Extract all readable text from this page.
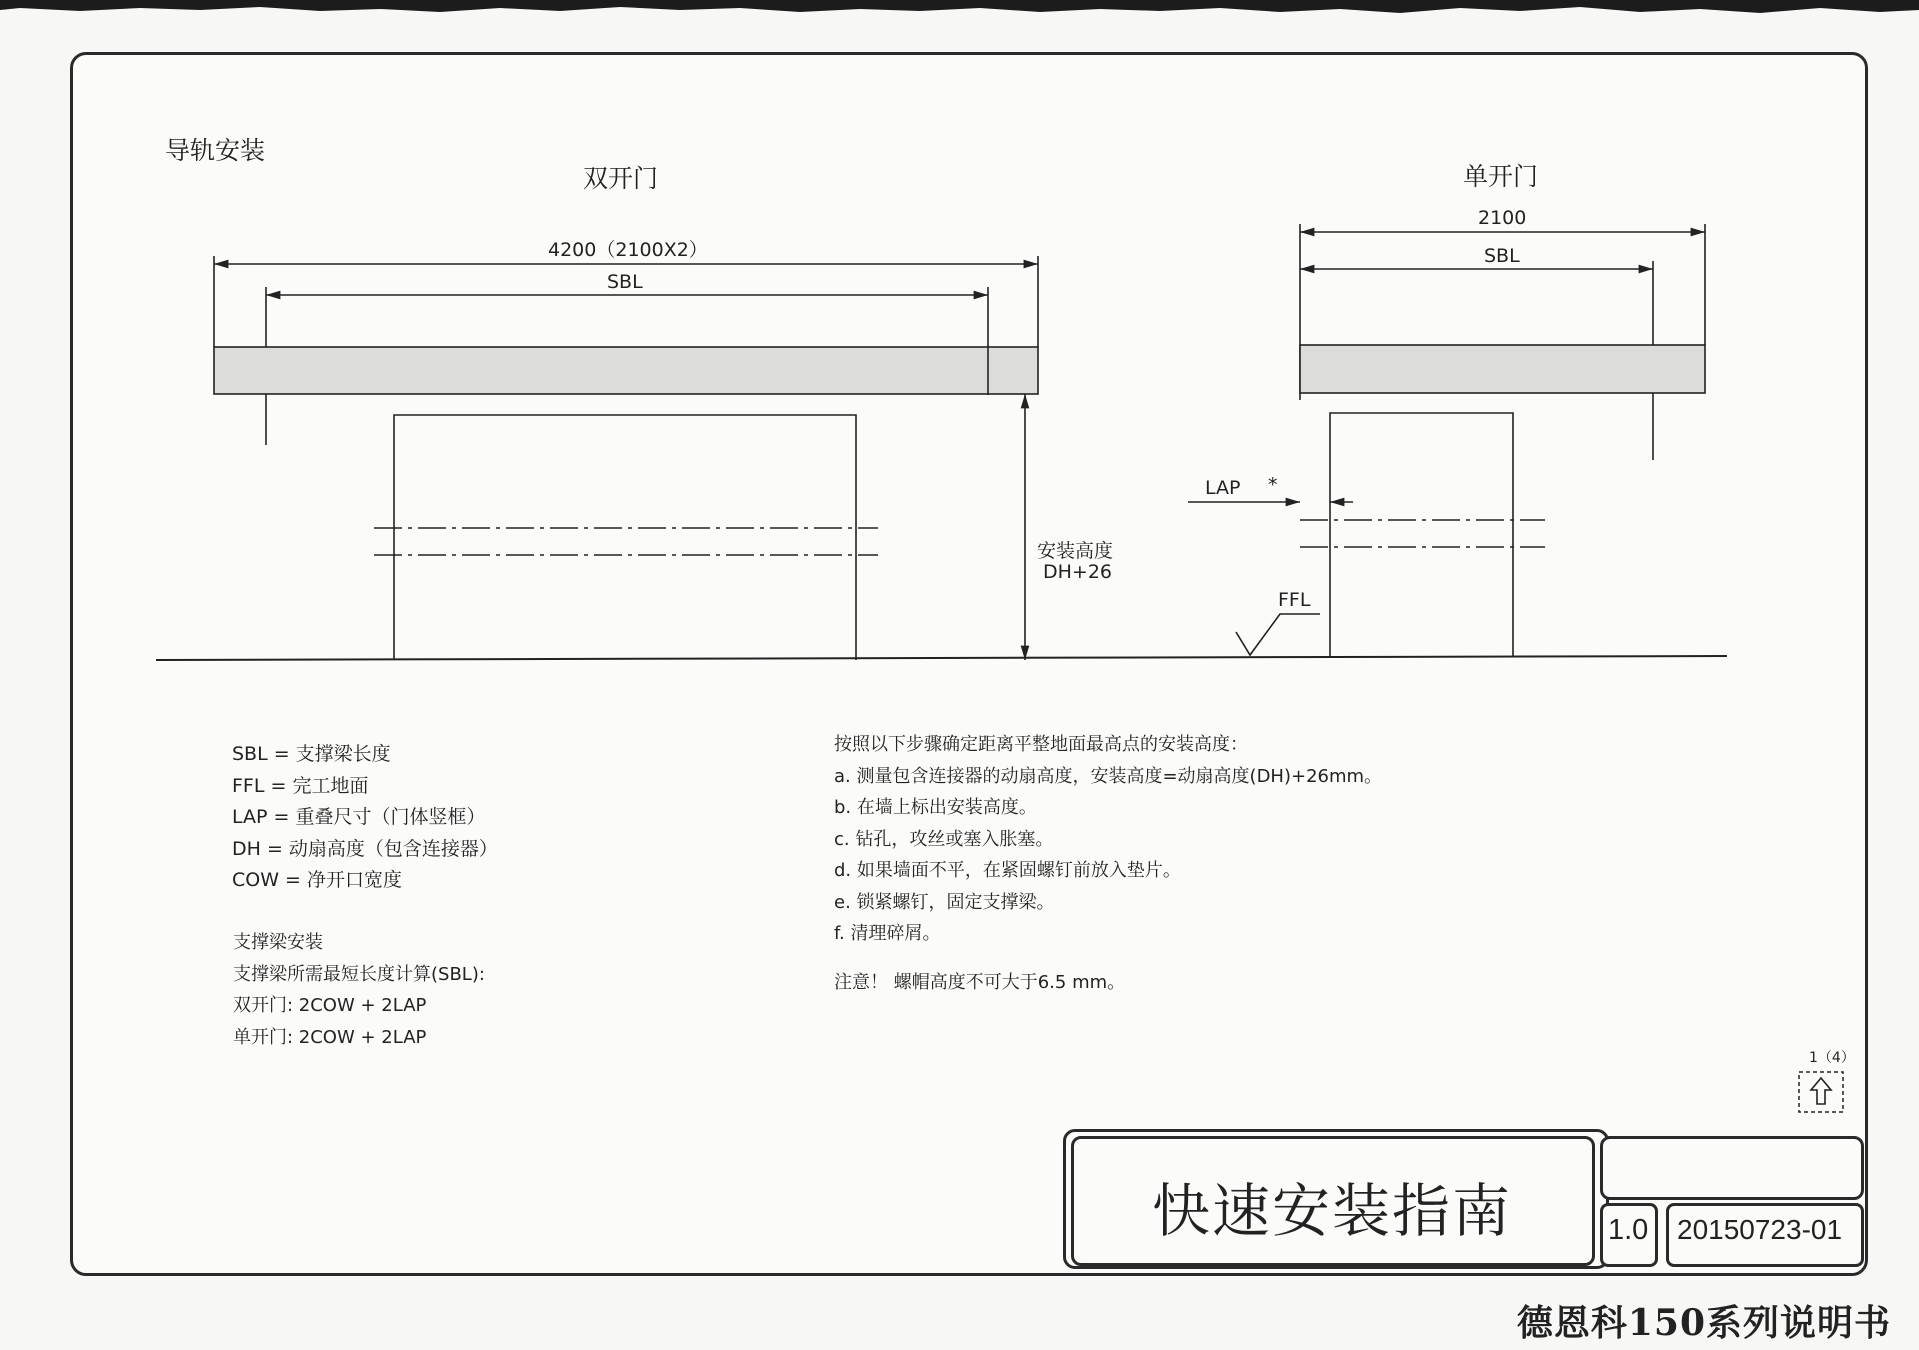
导轨安装
双开门
4200（2100X2）
SBL
安装高度
DH+26
单开门
2100
SBL
LAP *
FFL
SBL = 支撑梁长度
FFL = 完工地面
LAP = 重叠尺寸（门体竖框）
DH = 动扇高度（包含连接器）
COW = 净开口宽度
支撑梁安装
支撑梁所需最短长度计算(SBL):
双开门: 2COW + 2LAP
单开门: 2COW + 2LAP
按照以下步骤确定距离平整地面最高点的安装高度：
a. 测量包含连接器的动扇高度，安装高度=动扇高度(DH)+26mm。
b. 在墙上标出安装高度。
c. 钻孔，攻丝或塞入胀塞。
d. 如果墙面不平，在紧固螺钉前放入垫片。
e. 锁紧螺钉，固定支撑梁。
f. 清理碎屑。
注意！ 螺帽高度不可大于6.5 mm。
1（4）
快速安装指南	1.0 20150723-01
德恩科150系列说明书
